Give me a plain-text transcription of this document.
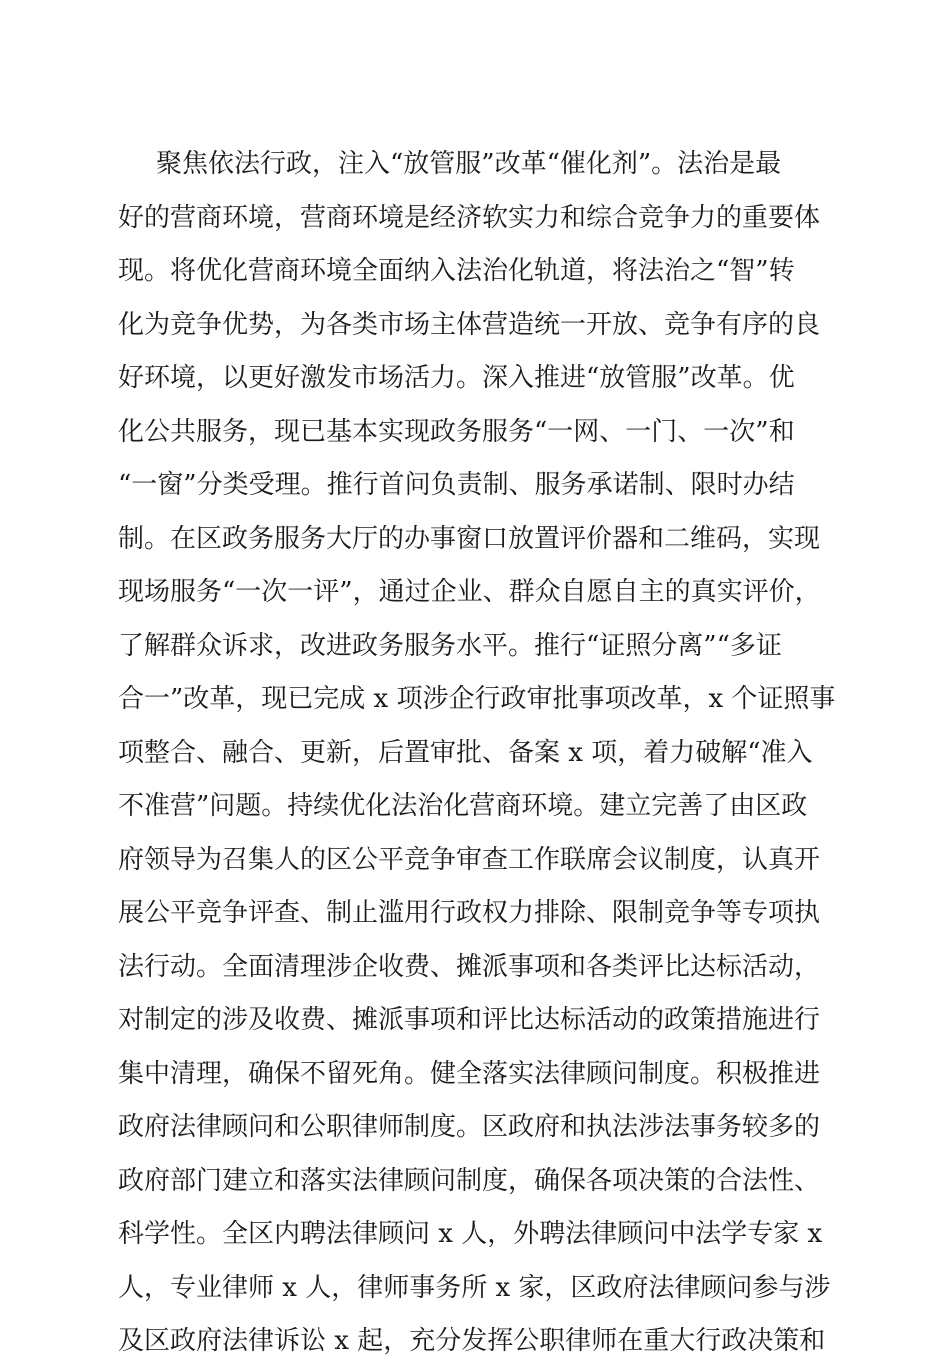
聚焦依法行政，注入“放管服”改革“催化剂”。法治是最
好的营商环境，营商环境是经济软实力和综合竞争力的重要体
现。将优化营商环境全面纳入法治化轨道，将法治之“智”转
化为竞争优势，为各类市场主体营造统一开放、竞争有序的良
好环境，以更好激发市场活力。深入推进“放管服”改革。优
化公共服务，现已基本实现政务服务“一网、一门、一次”和
“一窗”分类受理。推行首问负责制、服务承诺制、限时办结
制。在区政务服务大厅的办事窗口放置评价器和二维码，实现
现场服务“一次一评”，通过企业、群众自愿自主的真实评价，
了解群众诉求，改进政务服务水平。推行“证照分离”“多证
合一”改革，现已完成 x 项涉企行政审批事项改革，x 个证照事
项整合、融合、更新，后置审批、备案 x 项，着力破解“准入
不准营”问题。持续优化法治化营商环境。建立完善了由区政
府领导为召集人的区公平竞争审查工作联席会议制度，认真开
展公平竞争评查、制止滥用行政权力排除、限制竞争等专项执
法行动。全面清理涉企收费、摊派事项和各类评比达标活动，
对制定的涉及收费、摊派事项和评比达标活动的政策措施进行
集中清理，确保不留死角。健全落实法律顾问制度。积极推进
政府法律顾问和公职律师制度。区政府和执法涉法事务较多的
政府部门建立和落实法律顾问制度，确保各项决策的合法性、
科学性。全区内聘法律顾问 x 人，外聘法律顾问中法学专家 x
人，专业律师 x 人，律师事务所 x 家，区政府法律顾问参与涉
及区政府法律诉讼 x 起，充分发挥公职律师在重大行政决策和
